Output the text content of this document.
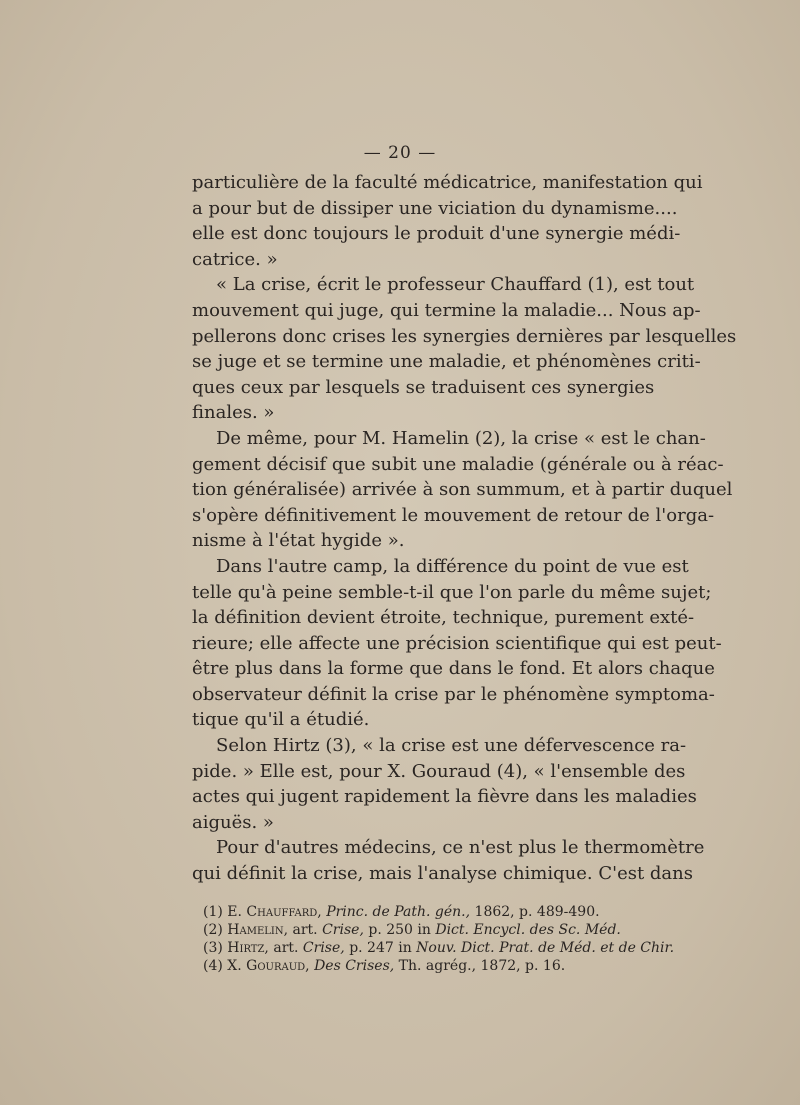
— 20 —
particulière de la faculté médicatrice, manifestation qui
a pour but de dissiper une viciation du dynamisme....
elle est donc toujours le produit d'une synergie médi-
catrice. »
« La crise, écrit le professeur Chauffard (1), est tout
mouvement qui juge, qui termine la maladie... Nous ap-
pellerons donc crises les synergies dernières par lesquelles
se juge et se termine une maladie, et phénomènes criti-
ques ceux par lesquels se traduisent ces synergies
finales. »
De même, pour M. Hamelin (2), la crise « est le chan-
gement décisif que subit une maladie (générale ou à réac-
tion généralisée) arrivée à son summum, et à partir duquel
s'opère définitivement le mouvement de retour de l'orga-
nisme à l'état hygide ».
Dans l'autre camp, la différence du point de vue est
telle qu'à peine semble-t-il que l'on parle du même sujet;
la définition devient étroite, technique, purement exté-
rieure; elle affecte une précision scientifique qui est peut-
être plus dans la forme que dans le fond. Et alors chaque
observateur définit la crise par le phénomène symptoma-
tique qu'il a étudié.
Selon Hirtz (3), « la crise est une défervescence ra-
pide. » Elle est, pour X. Gouraud (4), « l'ensemble des
actes qui jugent rapidement la fièvre dans les maladies
aiguës. »
Pour d'autres médecins, ce n'est plus le thermomètre
qui définit la crise, mais l'analyse chimique. C'est dans
(1) E. Chauffard, Princ. de Path. gén., 1862, p. 489-490.
(2) Hamelin, art. Crise, p. 250 in Dict. Encycl. des Sc. Méd.
(3) Hirtz, art. Crise, p. 247 in Nouv. Dict. Prat. de Méd. et de Chir.
(4) X. Gouraud, Des Crises, Th. agrég., 1872, p. 16.
